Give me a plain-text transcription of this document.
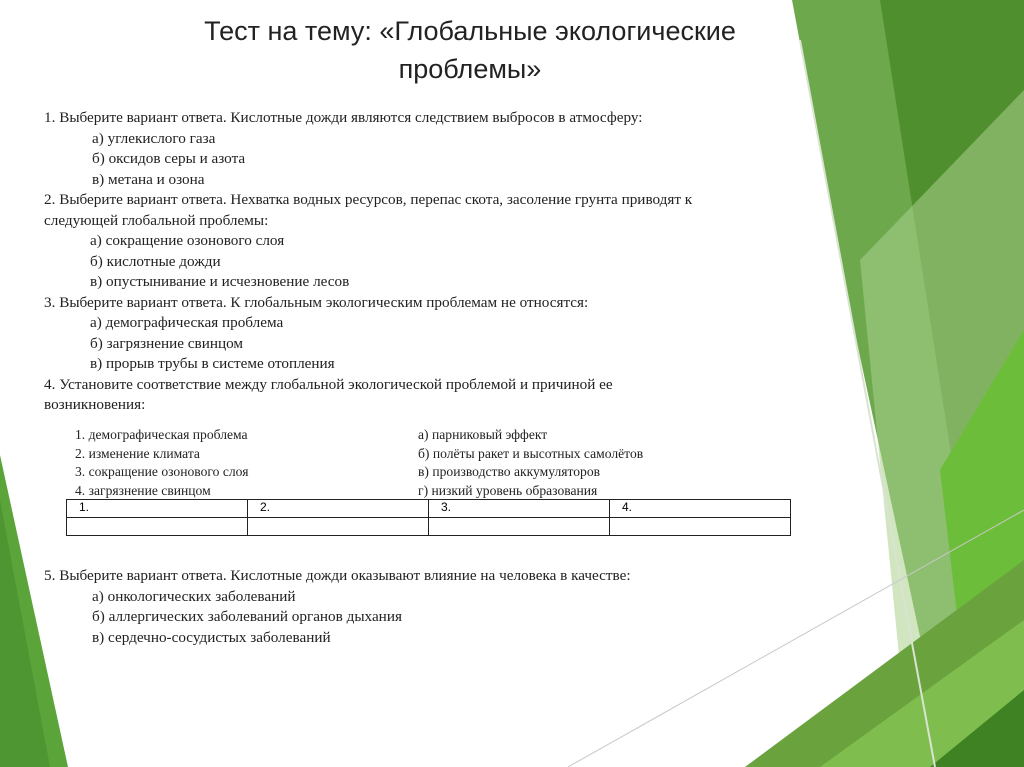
Тест на тему: «Глобальные экологические
проблемы»
1. Выберите вариант ответа. Кислотные дожди являются следствием выбросов в атмосферу:
а) углекислого газа
б) оксидов серы и азота
в) метана и озона
2. Выберите вариант ответа. Нехватка водных ресурсов, перепас скота, засоление грунта приводят к
следующей глобальной проблемы:
а) сокращение озонового слоя
б) кислотные дожди
в) опустынивание и исчезновение лесов
3. Выберите вариант ответа. К глобальным экологическим проблемам не относятся:
а) демографическая проблема
б) загрязнение свинцом
в) прорыв трубы в системе отопления
4. Установите соответствие между глобальной экологической проблемой и причиной ее
возникновения:
1. демографическая проблема	а) парниковый эффект
2. изменение климата	б) полёты ракет и высотных самолётов
3. сокращение озонового слоя	в) производство аккумуляторов
4. загрязнение свинцом	г) низкий уровень образования
1.	2.	3.	4.

5. Выберите вариант ответа. Кислотные дожди оказывают влияние на человека в качестве:
а) онкологических заболеваний
б) аллергических заболеваний органов дыхания
в) сердечно-сосудистых заболеваний
